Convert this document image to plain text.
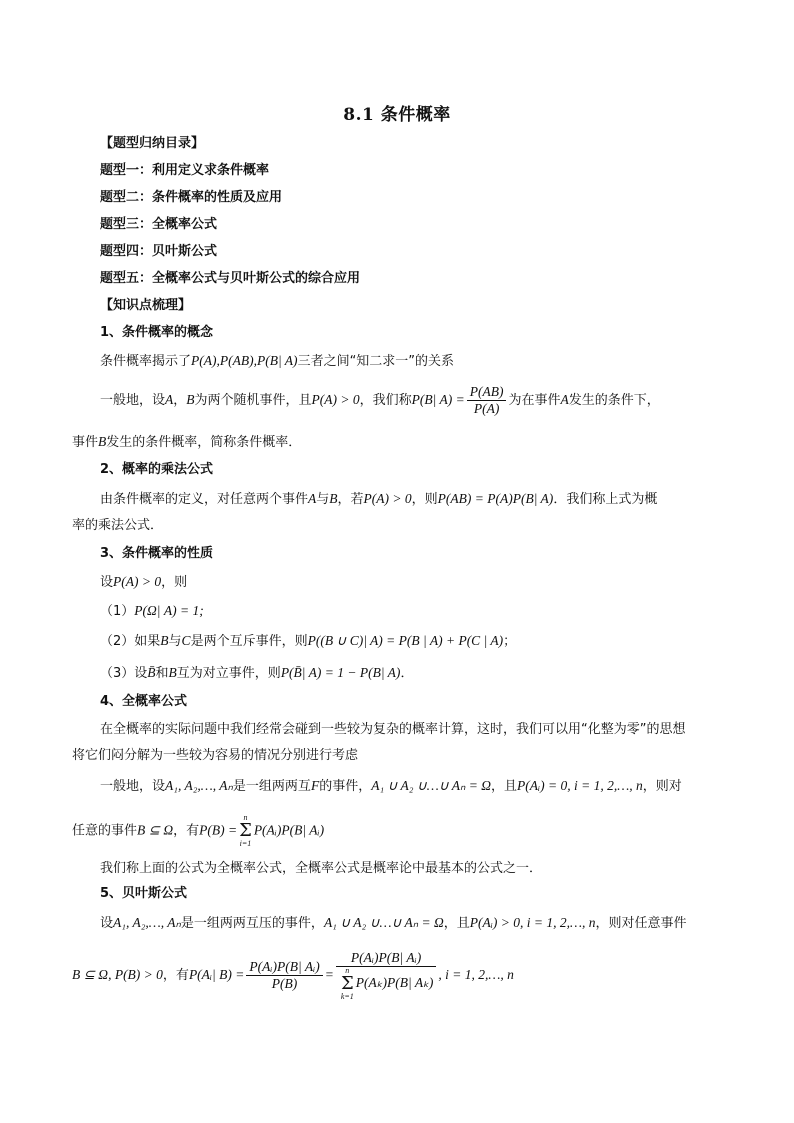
8.1 条件概率
【题型归纳目录】
题型一：利用定义求条件概率
题型二：条件概率的性质及应用
题型三：全概率公式
题型四：贝叶斯公式
题型五：全概率公式与贝叶斯公式的综合应用
【知识点梳理】
1、条件概率的概念
条件概率揭示了P(A),P(AB),P(B| A)三者之间“知二求一”的关系
一般地，设A，B为两个随机事件，且P(A) > 0，我们称P(B| $A) = \frac{P(AB)}{P(A)}$ 为在事件A发生的条件下，
事件B发生的条件概率，简称条件概率．
2、概率的乘法公式
由条件概率的定义，对任意两个事件A与B，若P(A) > 0，则P(AB) = P(A)P(B| A)．我们称上式为概
率的乘法公式．
3、条件概率的性质
设P(A) > 0，则
（1）P(Ω| A) = 1;
（2）如果B与C是两个互斥事件，则P((B ∪ C)| A) = P(B | A) + P(C | A)；
（3）设B̄和B互为对立事件，则P(B̄| A) = 1 − P(B| A)．
4、全概率公式
在全概率的实际问题中我们经常会碰到一些较为复杂的概率计算，这时，我们可以用“化整为零”的思想
将它们闷分解为一些较为容易的情况分别进行考虑
一般地，设A₁, A₂,…, Aₙ是一组两两互F的事件，A₁ ∪ A₂ ∪…∪ Aₙ = Ω，且P(Aᵢ) = 0, i = 1, 2,…, n，则对
任意的事件B ⊆ Ω，有P(B) =n
Σ
i=1P(Aᵢ)P(B| Aᵢ)
我们称上面的公式为全概率公式，全概率公式是概率论中最基本的公式之一．
5、贝叶斯公式
设A₁, A₂,…, Aₙ是一组两两互压的事件，A₁ ∪ A₂ ∪…∪ Aₙ = Ω，且P(Aᵢ) > 0, i = 1, 2,…, n，则对任意事件
B ⊆ Ω, P(B) > 0，有P(Aᵢ| $B) = \frac{\text{P(Aᵢ)P(B| Aᵢ)}}{P(B)}$ = P(Aᵢ)P(B| Aᵢ)
n
Σ
k=1P(Aₖ)P(B| Aₖ) , i = 1, 2,…, n
